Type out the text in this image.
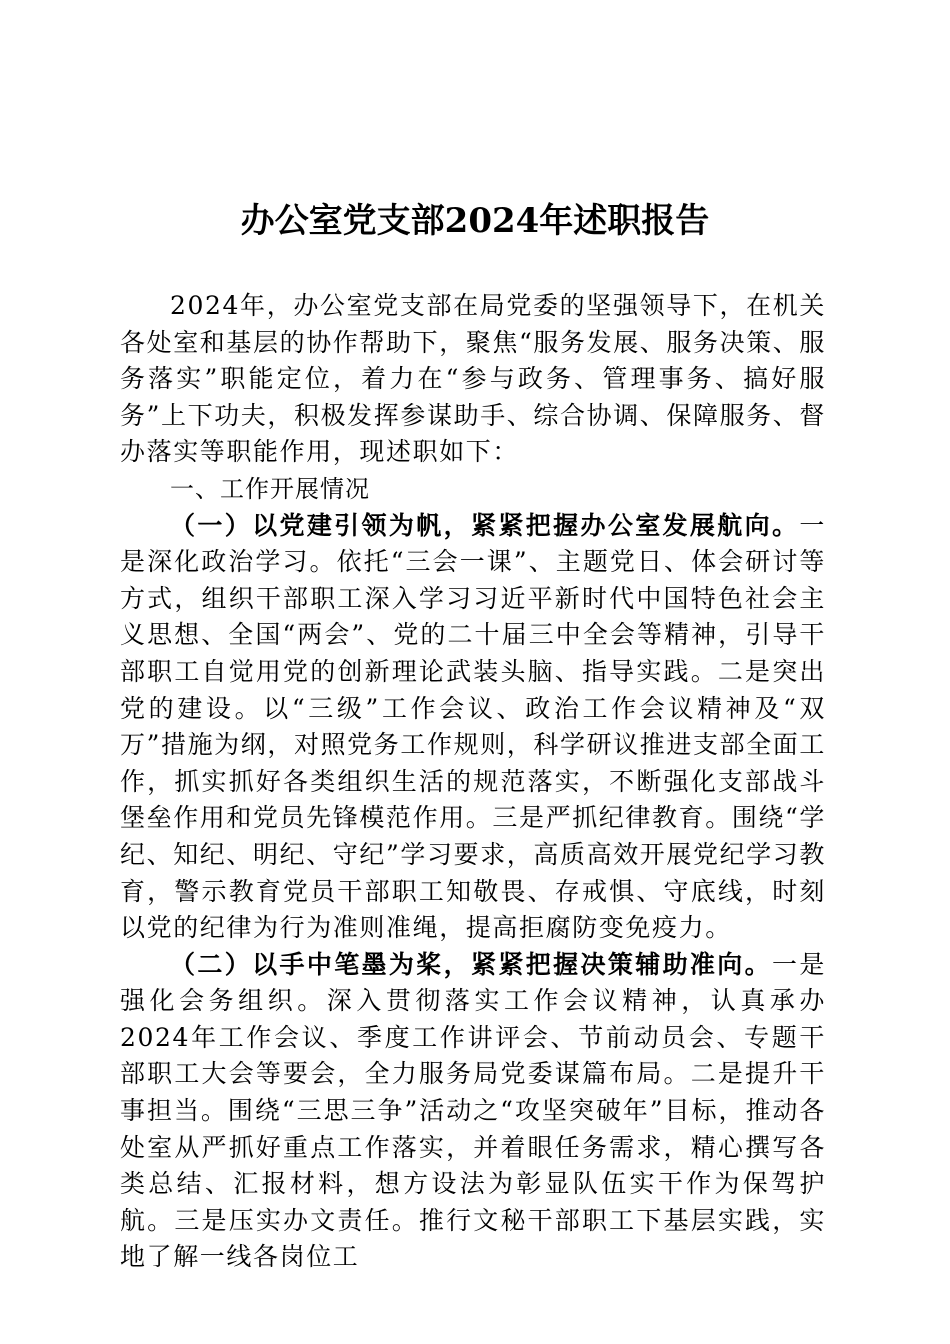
办公室党支部2024年述职报告

2024年，办公室党支部在局党委的坚强领导下，在机关各处室和基层的协作帮助下，聚焦“服务发展、服务决策、服务落实”职能定位，着力在“参与政务、管理事务、搞好服务”上下功夫，积极发挥参谋助手、综合协调、保障服务、督办落实等职能作用，现述职如下：

一、工作开展情况

（一）以党建引领为帆，紧紧把握办公室发展航向。一是深化政治学习。依托“三会一课”、主题党日、体会研讨等方式，组织干部职工深入学习习近平新时代中国特色社会主义思想、全国“两会”、党的二十届三中全会等精神，引导干部职工自觉用党的创新理论武装头脑、指导实践。二是突出党的建设。以“三级”工作会议、政治工作会议精神及“双万”措施为纲，对照党务工作规则，科学研议推进支部全面工作，抓实抓好各类组织生活的规范落实，不断强化支部战斗堡垒作用和党员先锋模范作用。三是严抓纪律教育。围绕“学纪、知纪、明纪、守纪”学习要求，高质高效开展党纪学习教育，警示教育党员干部职工知敬畏、存戒惧、守底线，时刻以党的纪律为行为准则准绳，提高拒腐防变免疫力。

（二）以手中笔墨为桨，紧紧把握决策辅助准向。一是强化会务组织。深入贯彻落实工作会议精神，认真承办2024年工作会议、季度工作讲评会、节前动员会、专题干部职工大会等要会，全力服务局党委谋篇布局。二是提升干事担当。围绕“三思三争”活动之“攻坚突破年”目标，推动各处室从严抓好重点工作落实，并着眼任务需求，精心撰写各类总结、汇报材料，想方设法为彰显队伍实干作为保驾护航。三是压实办文责任。推行文秘干部职工下基层实践，实地了解一线各岗位工
